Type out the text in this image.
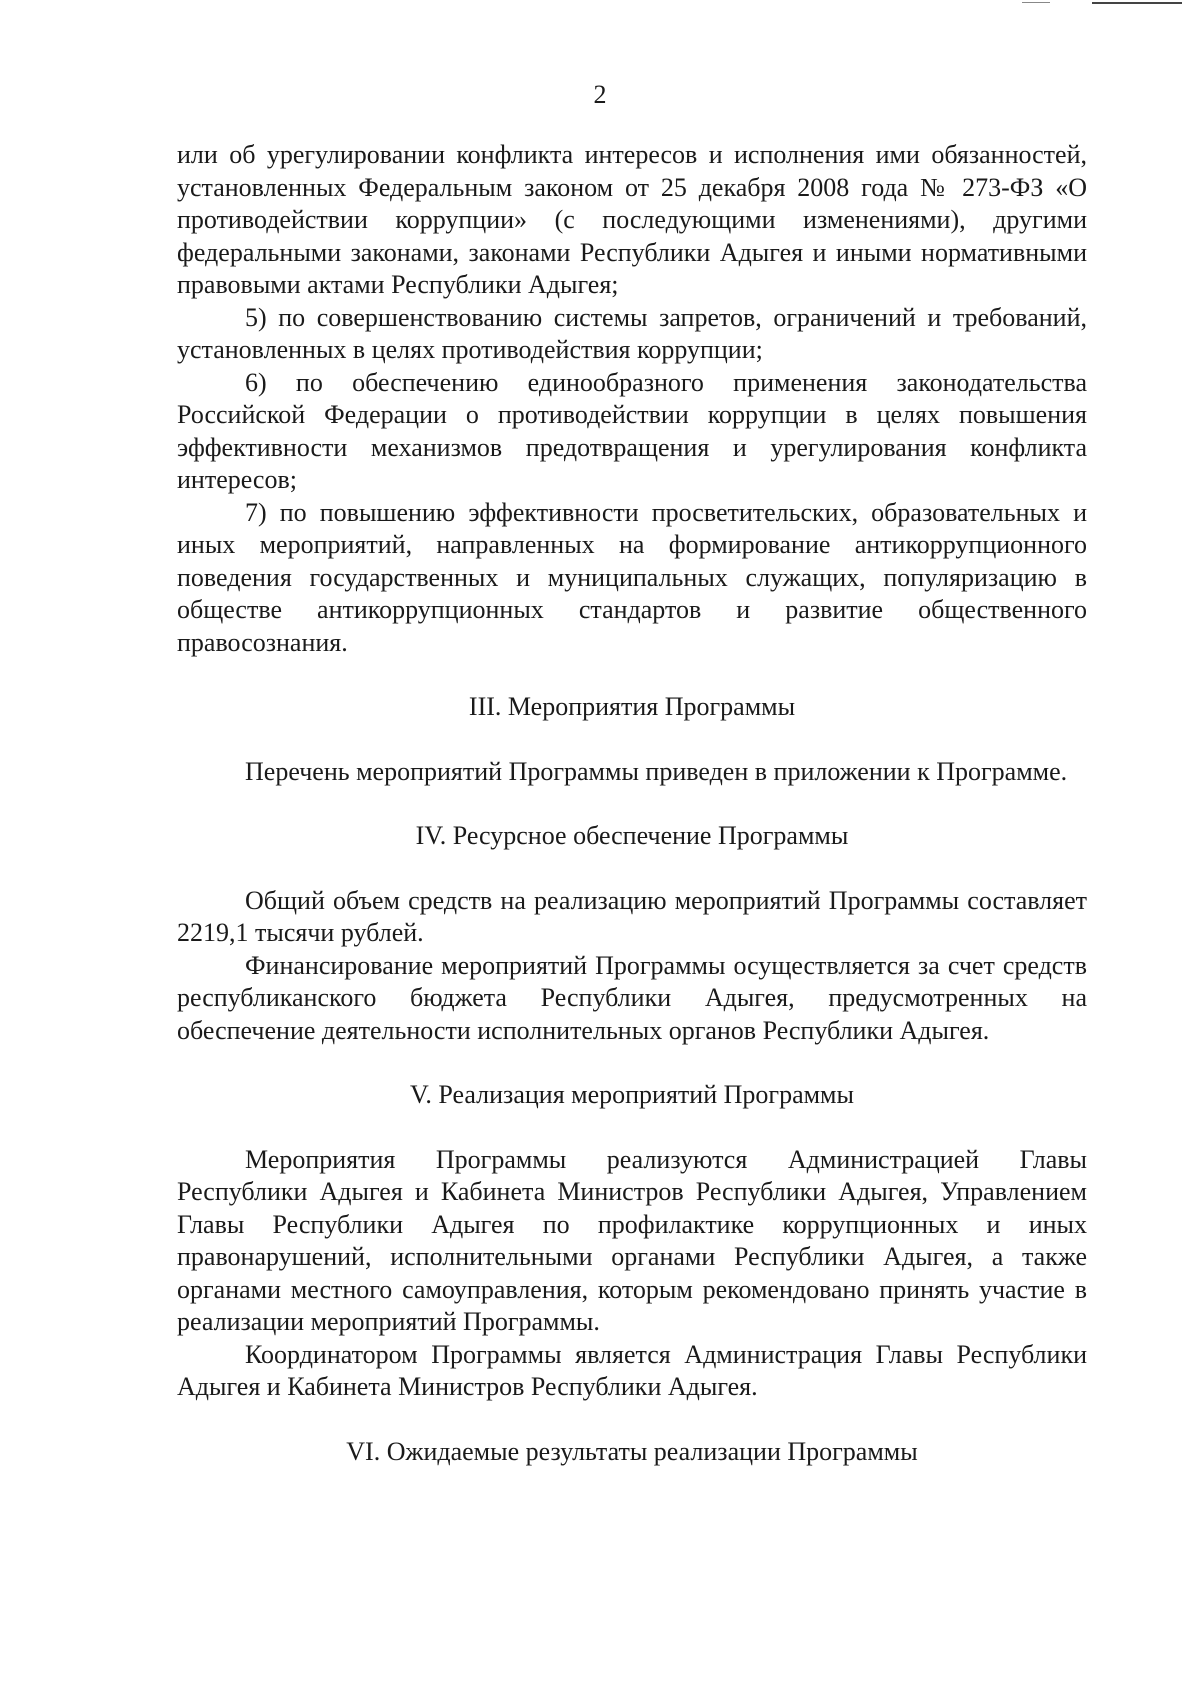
2

или об урегулировании конфликта интересов и исполнения ими обязанностей, установленных Федеральным законом от 25 декабря 2008 года № 273-ФЗ «О противодействии коррупции» (с последующими изменениями), другими федеральными законами, законами Республики Адыгея и иными нормативными правовыми актами Республики Адыгея;

5) по совершенствованию системы запретов, ограничений и требований, установленных в целях противодействия коррупции;

6) по обеспечению единообразного применения законодательства Российской Федерации о противодействии коррупции в целях повышения эффективности механизмов предотвращения и урегулирования конфликта интересов;

7) по повышению эффективности просветительских, образовательных и иных мероприятий, направленных на формирование антикоррупционного поведения государственных и муниципальных служащих, популяризацию в обществе антикоррупционных стандартов и развитие общественного правосознания.

III. Мероприятия Программы

Перечень мероприятий Программы приведен в приложении к Программе.

IV. Ресурсное обеспечение Программы

Общий объем средств на реализацию мероприятий Программы составляет 2219,1 тысячи рублей.

Финансирование мероприятий Программы осуществляется за счет средств республиканского бюджета Республики Адыгея, предусмотренных на обеспечение деятельности исполнительных органов Республики Адыгея.

V. Реализация мероприятий Программы

Мероприятия Программы реализуются Администрацией Главы Республики Адыгея и Кабинета Министров Республики Адыгея, Управлением Главы Республики Адыгея по профилактике коррупционных и иных правонарушений, исполнительными органами Республики Адыгея, а также органами местного самоуправления, которым рекомендовано принять участие в реализации мероприятий Программы.

Координатором Программы является Администрация Главы Республики Адыгея и Кабинета Министров Республики Адыгея.

VI. Ожидаемые результаты реализации Программы
